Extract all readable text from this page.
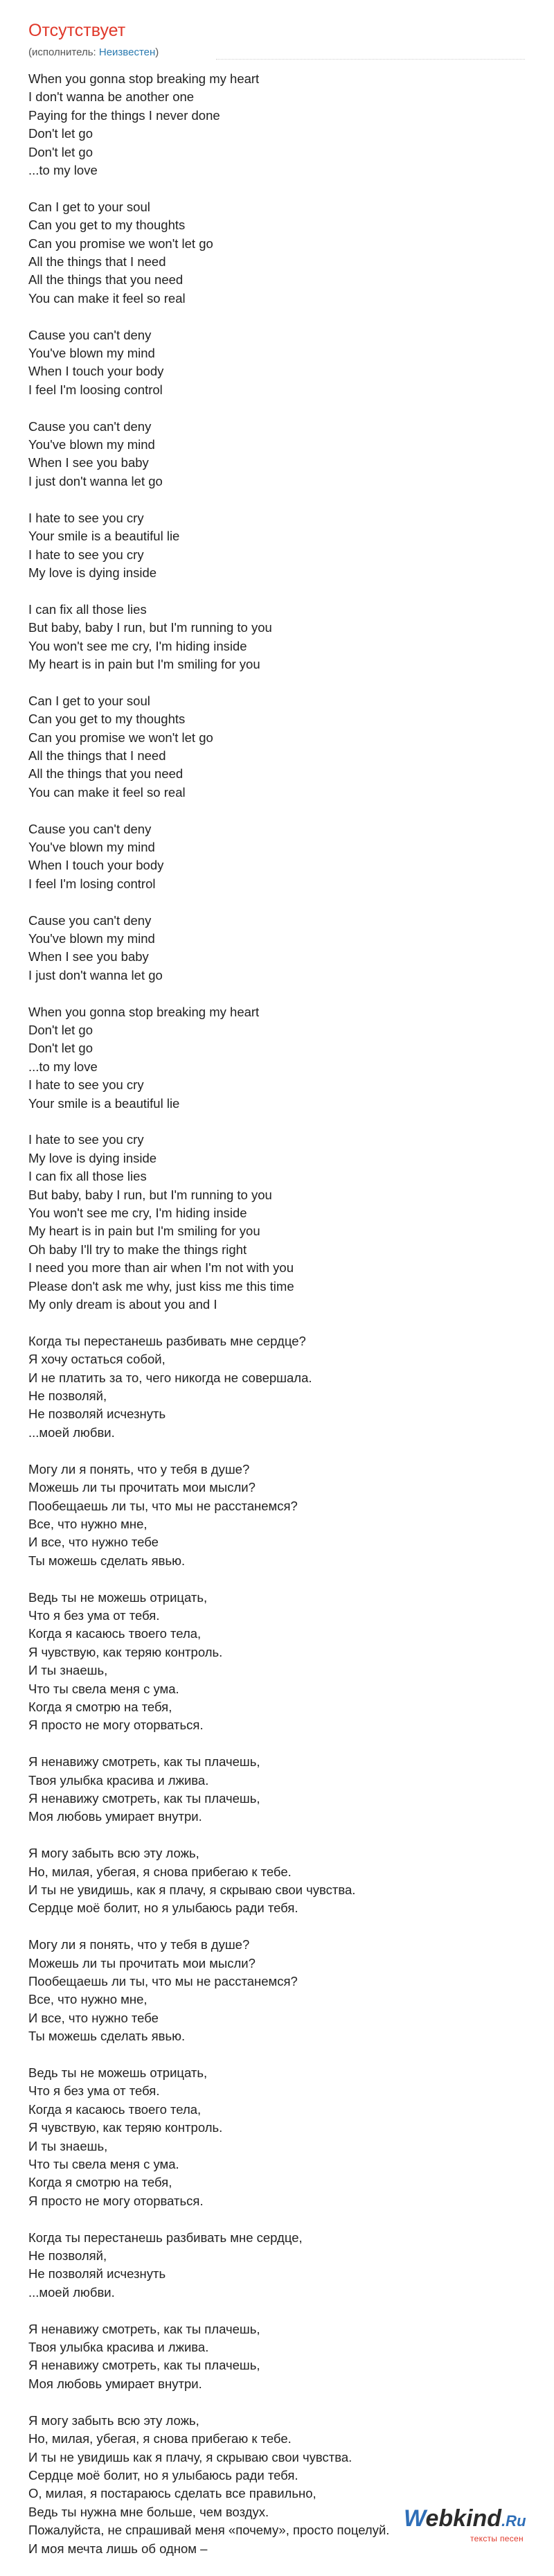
Отсутствует

(исполнитель: Неизвестен)

When you gonna stop breaking my heart
I don't wanna be another one
Paying for the things I never done
Don't let go
Don't let go
...to my love

Can I get to your soul
Can you get to my thoughts
Can you promise we won't let go
All the things that I need
All the things that you need
You can make it feel so real

Cause you can't deny
You've blown my mind
When I touch your body
I feel I'm loosing control

Cause you can't deny
You've blown my mind
When I see you baby
I just don't wanna let go

I hate to see you cry
Your smile is a beautiful lie
I hate to see you cry
My love is dying inside

I can fix all those lies
But baby, baby I run, but I'm running to you
You won't see me cry, I'm hiding inside
My heart is in pain but I'm smiling for you

Can I get to your soul
Can you get to my thoughts
Can you promise we won't let go
All the things that I need
All the things that you need
You can make it feel so real

Cause you can't deny
You've blown my mind
When I touch your body
I feel I'm losing control

Cause you can't deny
You've blown my mind
When I see you baby
I just don't wanna let go

When you gonna stop breaking my heart
Don't let go
Don't let go
...to my love
I hate to see you cry
Your smile is a beautiful lie

I hate to see you cry
My love is dying inside
I can fix all those lies
But baby, baby I run, but I'm running to you
You won't see me cry, I'm hiding inside
My heart is in pain but I'm smiling for you
Oh baby I'll try to make the things right
I need you more than air when I'm not with you
Please don't ask me why, just kiss me this time
My only dream is about you and I

Когда ты перестанешь разбивать мне сердце?
Я хочу остаться собой,
И не платить за то, чего никогда не совершала.
Не позволяй,
Не позволяй исчезнуть
...моей любви.

Могу ли я понять, что у тебя в душе?
Можешь ли ты прочитать мои мысли?
Пообещаешь ли ты, что мы не расстанемся?
Все, что нужно мне,
И все, что нужно тебе
Ты можешь сделать явью.

Ведь ты не можешь отрицать,
Что я без ума от тебя.
Когда я касаюсь твоего тела,
Я чувствую, как теряю контроль.
И ты знаешь,
Что ты свела меня с ума.
Когда я смотрю на тебя,
Я просто не могу оторваться.

Я ненавижу смотреть, как ты плачешь,
Твоя улыбка красива и лжива.
Я ненавижу смотреть, как ты плачешь,
Моя любовь умирает внутри.

Я могу забыть всю эту ложь,
Но, милая, убегая, я снова прибегаю к тебе.
И ты не увидишь, как я плачу, я скрываю свои чувства.
Сердце моё болит, но я улыбаюсь ради тебя.

Могу ли я понять, что у тебя в душе?
Можешь ли ты прочитать мои мысли?
Пообещаешь ли ты, что мы не расстанемся?
Все, что нужно мне,
И все, что нужно тебе
Ты можешь сделать явью.

Ведь ты не можешь отрицать,
Что я без ума от тебя.
Когда я касаюсь твоего тела,
Я чувствую, как теряю контроль.
И ты знаешь,
Что ты свела меня с ума.
Когда я смотрю на тебя,
Я просто не могу оторваться.

Когда ты перестанешь разбивать мне сердце,
Не позволяй,
Не позволяй исчезнуть
...моей любви.

Я ненавижу смотреть, как ты плачешь,
Твоя улыбка красива и лжива.
Я ненавижу смотреть, как ты плачешь,
Моя любовь умирает внутри.

Я могу забыть всю эту ложь,
Но, милая, убегая, я снова прибегаю к тебе.
И ты не увидишь как я плачу, я скрываю свои чувства.
Сердце моё болит, но я улыбаюсь ради тебя.
О, милая, я постараюсь сделать все правильно,
Ведь ты нужна мне больше, чем воздух.
Пожалуйста, не спрашивай меня «почему», просто поцелуй.
И моя мечта лишь об одном –

Webkind.Ru
тексты песен
